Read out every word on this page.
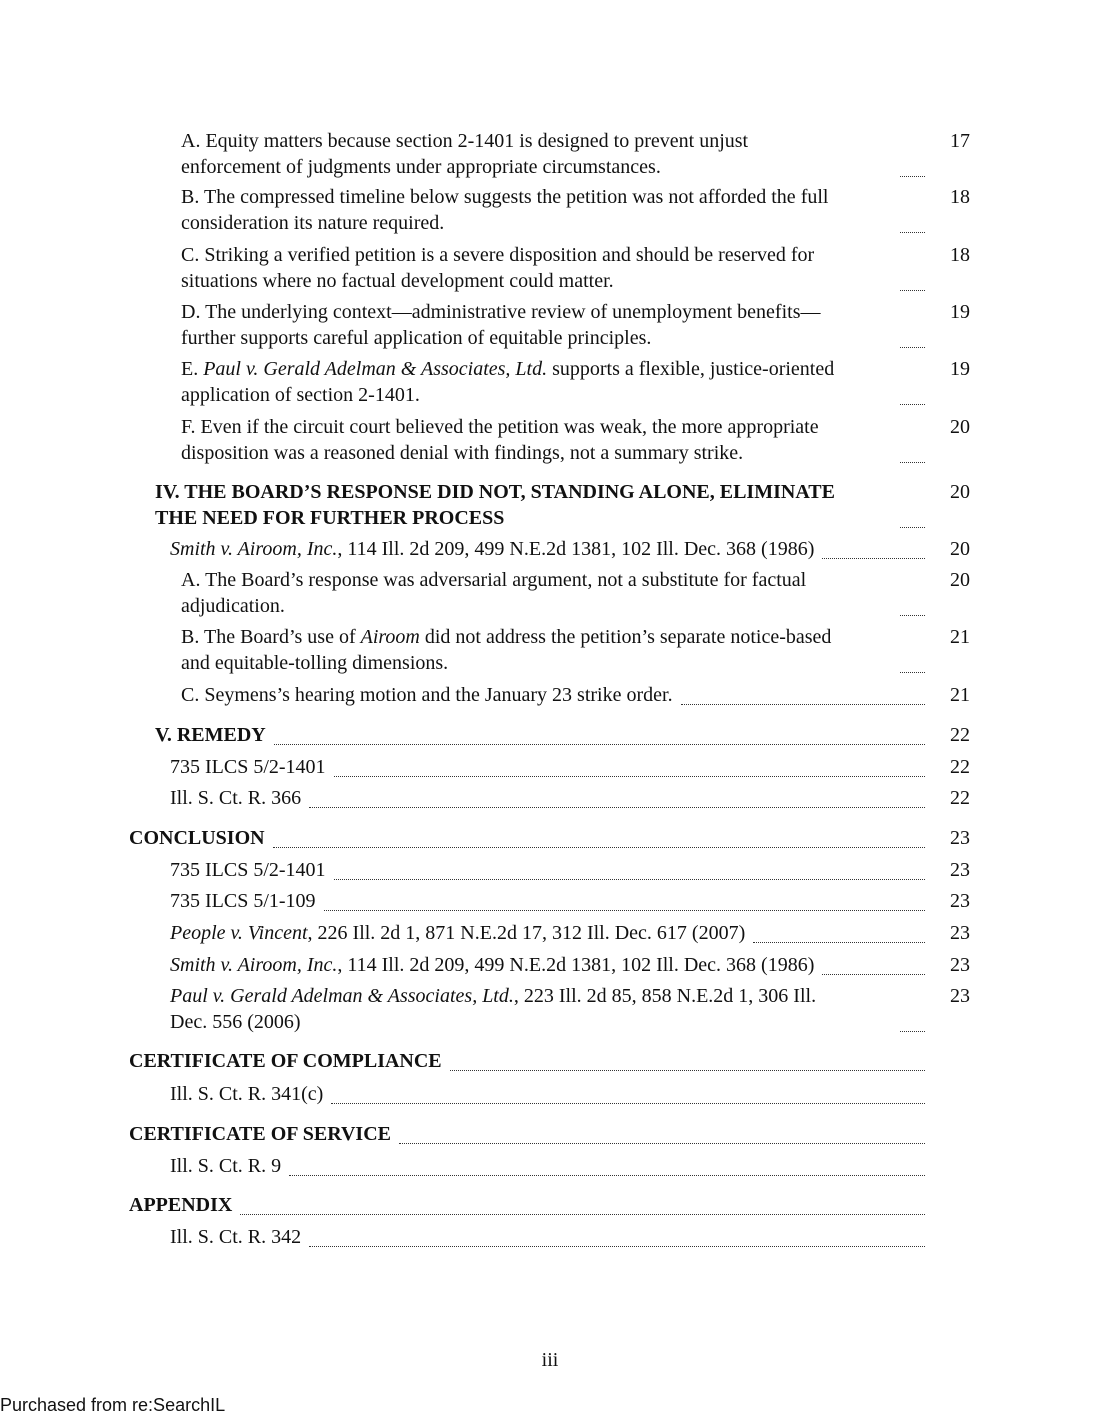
A. Equity matters because section 2-1401 is designed to prevent unjust
enforcement of judgments under appropriate circumstances.
17
B. The compressed timeline below suggests the petition was not afforded the full
consideration its nature required.
18
C. Striking a verified petition is a severe disposition and should be reserved for
situations where no factual development could matter.
18
D. The underlying context—administrative review of unemployment benefits—
further supports careful application of equitable principles.
19
E. Paul v. Gerald Adelman & Associates, Ltd. supports a flexible, justice-oriented
application of section 2-1401.
19
F. Even if the circuit court believed the petition was weak, the more appropriate
disposition was a reasoned denial with findings, not a summary strike.
20
IV. THE BOARD’S RESPONSE DID NOT, STANDING ALONE, ELIMINATE
THE NEED FOR FURTHER PROCESS
20
Smith v. Airoom, Inc., 114 Ill. 2d 209, 499 N.E.2d 1381, 102 Ill. Dec. 368 (1986)	20
A. The Board’s response was adversarial argument, not a substitute for factual
adjudication.
20
B. The Board’s use of Airoom did not address the petition’s separate notice-based
and equitable-tolling dimensions.
21
C. Seymens’s hearing motion and the January 23 strike order.	21
V. REMEDY	22
735 ILCS 5/2-1401	22
Ill. S. Ct. R. 366	22
CONCLUSION	23
735 ILCS 5/2-1401	23
735 ILCS 5/1-109	23
People v. Vincent, 226 Ill. 2d 1, 871 N.E.2d 17, 312 Ill. Dec. 617 (2007)	23
Smith v. Airoom, Inc., 114 Ill. 2d 209, 499 N.E.2d 1381, 102 Ill. Dec. 368 (1986)	23
Paul v. Gerald Adelman & Associates, Ltd., 223 Ill. 2d 85, 858 N.E.2d 1, 306 Ill.
Dec. 556 (2006)
23
CERTIFICATE OF COMPLIANCE
Ill. S. Ct. R. 341(c)
CERTIFICATE OF SERVICE
Ill. S. Ct. R. 9
APPENDIX
Ill. S. Ct. R. 342
iii
Purchased from re:SearchIL
